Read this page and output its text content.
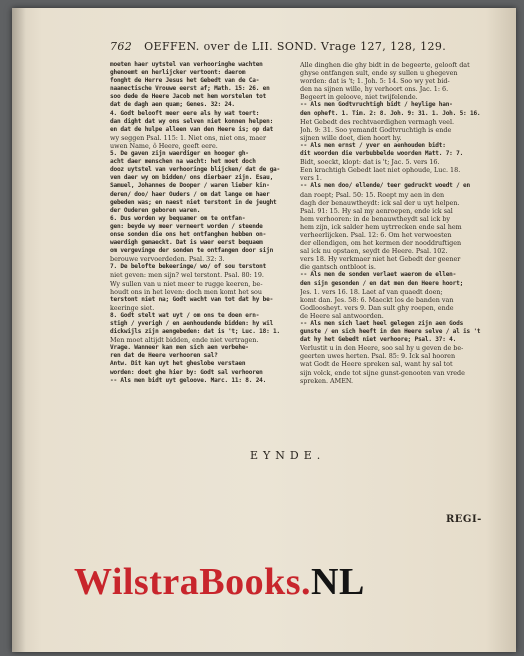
762 OEFFEN. over de LII. SOND. Vrage 127, 128, 129.
moeten haer uytstel van verhooringhe wachten
ghenoemt en herlijcker vertoont: daerom
fonght de Herre Jesus het Gebedt van de Ca-
naanectische Vrouwe eerst af; Math. 15: 26. en
soo dede de Heere Jacob met hem worstelen tot
dat de dagh aen quam; Genes. 32: 24.
4. Godt belooft meer eere als hy wat toert:
dan dight dat wy ons selven niet konnen helpen:
en dat de hulpe alleen van den Heere is; op dat
wy seggen Psal. 115: 1. Niet ons, niet ons, maer
uwen Name, ô Heere, geeft eere.
5. De gaven zijn waerdiger en hooger gh-
acht daer menschen na wacht: het moet doch
dooz uytstel van verhooringe blijcken/ dat de ga-
ven daer wy om bidden/ ons dierbaer zijn. Esau,
Samuel, Johannes de Dooper / waren lieber kin-
deren/ doo/ haer Ouders / om dat lange om haer
gebeden was; en naest niet terstont in de jeught
der Ouderen geboren waren.
6. Dus worden wy bequamer om te ontfan-
gen: beyde wy meer verneert worden / steende
onse sonden die ons het ontfanghen hebben on-
waerdigh gemaeckt. Dat is waer eerst bequaem
om vergevinge der sonden te ontfangen door sijn
berouwe vervoerdeden. Psal. 32: 3.
7. De belofte bekeeringe/ wo/ of sou terstont
niet geven: men sijn? wel terstont. Psal. 80: 19.
Wy sullen van u niet meer te rugge keeren, be-
houdt ons in het leven: doch men komt het sou
terstont niet na; Godt wacht van tot dat hy be-
keeringe siet.
8. Godt stelt wat uyt / om ons te doen ern-
stigh / yverigh / en aenhoudende bidden: hy wil
dickwijls zijn aengebeden: dat is 't; Luc. 18: 1.
Men moet altijdt bidden, ende niet vertragen.
Vrage. Wanneer kan men sich aen verbehe-
ren dat de Heere verhooren sal?
Antw. Dit kan uyt het gheslobe verstaen
worden: doet ghe hier by: Godt sal verhooren
-- Als men bidt uyt geloove. Marc. 11: 8. 24.
Alle dinghen die ghy bidt in de begeerte, gelooft dat
ghyse ontfangen sult, ende sy sullen u ghegeven
worden: dat is 't; 1. Joh. 5: 14. Soo wy yet bid-
den na sijnen wille, hy verhoort ons. Jac. 1: 6.
Begeert in geloove, niet twijfelende.
-- Als men Godtvruchtigh bidt / heylige han-
den opheft. 1. Tim. 2: 8. Joh. 9: 31. 1. Joh. 5: 16.
Het Gebedt des rechtvaerdighen vermagh veel.
Joh. 9: 31. Soo yemandt Godtvruchtigh is ende
sijnen wille doet, dien hoort hy.
-- Als men ernst / yver en aenhouden bidt:
dit woorden die verbubbelde woorden Matt. 7: 7.
Bidt, soeckt, klopt: dat is 't; Jac. 5. vers 16.
Een krachtigh Gebedt laet niet ophoude, Luc. 18.
vers 1.
-- Als men doo/ ellende/ teer gedruckt woedt / en
dan roept; Psal. 50: 15. Roept my aen in den
dagh der benauwtheydt: ick sal der u uyt helpen.
Psal. 91: 15. Hy sal my aenroepen, ende ick sal
hem verhooren: in de benauwtheydt sal ick by
hem zijn, ick salder hem uytrrecken ende sal hem
verheerlijcken. Psal. 12: 6. Om het verwoesten
der ellendigen, om het kermen der nooddruftigen
sal ick nu opstaen, seydt de Heere. Psal. 102.
vers 18. Hy verkmaer niet het Gebedt der geener
die gantsch ontbloot is.
-- Als men de sonden verlaet waerom de ellen-
den sijn gesonden / en dat men den Heere hoort;
Jes. 1. vers 16. 18. Laet af van quaedt doen;
komt dan. Jes. 58: 6. Maeckt los de banden van
Godloosheyt. vers 9. Dan sult ghy roepen, ende
de Heere sal antwoorden.
-- Als men sich laet heel gelegen zijn aen Gods
gunste / en sich heeft in den Heere selve / al is 't
dat hy het Gebedt niet verhoore; Psal. 37: 4.
Verlustit u in den Heere, soo sal hy u geven de be-
geerten uwes herten. Psal. 85: 9. Ick sal hooren
wat Godt de Heere spreken sal, want hy sal tot
sijn volck, ende tot sijne gunst-genooten van vrede
spreken. AMEN.
EYNDE.
REGI-
WilstraBooks.NL
